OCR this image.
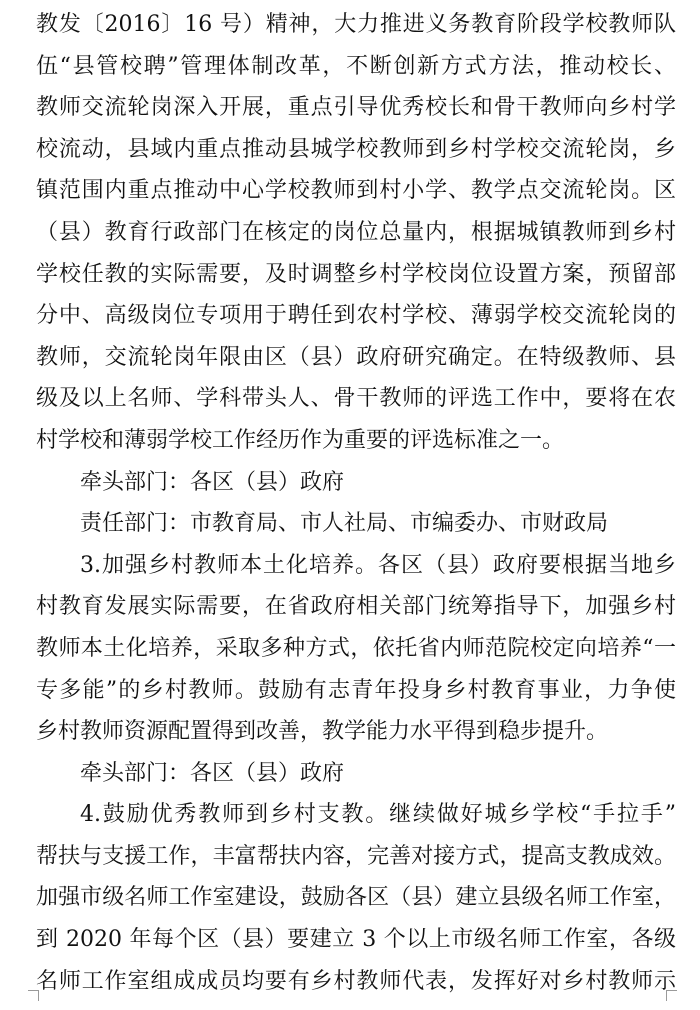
教发〔2016〕16 号）精神，大力推进义务教育阶段学校教师队
伍“县管校聘”管理体制改革，不断创新方式方法，推动校长、
教师交流轮岗深入开展，重点引导优秀校长和骨干教师向乡村学
校流动，县域内重点推动县城学校教师到乡村学校交流轮岗，乡
镇范围内重点推动中心学校教师到村小学、教学点交流轮岗。区
（县）教育行政部门在核定的岗位总量内，根据城镇教师到乡村
学校任教的实际需要，及时调整乡村学校岗位设置方案，预留部
分中、高级岗位专项用于聘任到农村学校、薄弱学校交流轮岗的
教师，交流轮岗年限由区（县）政府研究确定。在特级教师、县
级及以上名师、学科带头人、骨干教师的评选工作中，要将在农
村学校和薄弱学校工作经历作为重要的评选标准之一。
牵头部门：各区（县）政府
责任部门：市教育局、市人社局、市编委办、市财政局
3.加强乡村教师本土化培养。各区（县）政府要根据当地乡
村教育发展实际需要，在省政府相关部门统筹指导下，加强乡村
教师本土化培养，采取多种方式，依托省内师范院校定向培养“一
专多能”的乡村教师。鼓励有志青年投身乡村教育事业，力争使
乡村教师资源配置得到改善，教学能力水平得到稳步提升。
牵头部门：各区（县）政府
4.鼓励优秀教师到乡村支教。继续做好城乡学校“手拉手”
帮扶与支援工作，丰富帮扶内容，完善对接方式，提高支教成效。
加强市级名师工作室建设，鼓励各区（县）建立县级名师工作室，
到 2020 年每个区（县）要建立 3 个以上市级名师工作室，各级
名师工作室组成成员均要有乡村教师代表，发挥好对乡村教师示
